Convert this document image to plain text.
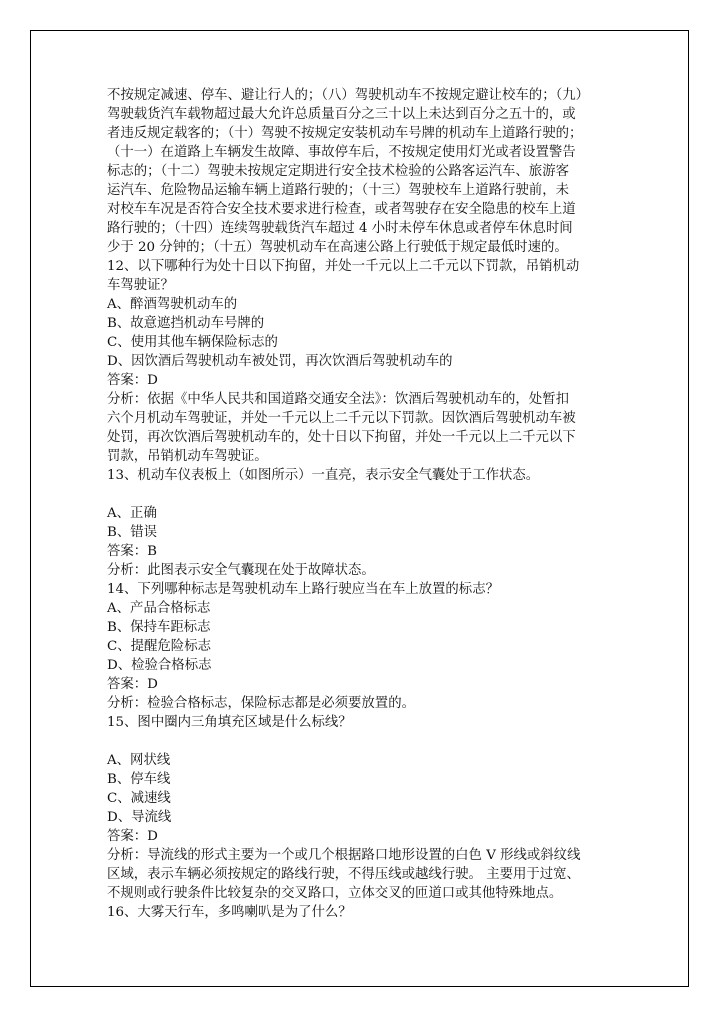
不按规定减速、停车、避让行人的；（八）驾驶机动车不按规定避让校车的；（九）
驾驶载货汽车载物超过最大允许总质量百分之三十以上未达到百分之五十的，或
者违反规定载客的；（十）驾驶不按规定安装机动车号牌的机动车上道路行驶的；
（十一）在道路上车辆发生故障、事故停车后，不按规定使用灯光或者设置警告
标志的；（十二）驾驶未按规定定期进行安全技术检验的公路客运汽车、旅游客
运汽车、危险物品运输车辆上道路行驶的；（十三）驾驶校车上道路行驶前，未
对校车车况是否符合安全技术要求进行检查，或者驾驶存在安全隐患的校车上道
路行驶的；（十四）连续驾驶载货汽车超过 4 小时未停车休息或者停车休息时间
少于 20 分钟的；（十五）驾驶机动车在高速公路上行驶低于规定最低时速的。
12、以下哪种行为处十日以下拘留，并处一千元以上二千元以下罚款，吊销机动
车驾驶证？
A、醉酒驾驶机动车的
B、故意遮挡机动车号牌的
C、使用其他车辆保险标志的
D、因饮酒后驾驶机动车被处罚，再次饮酒后驾驶机动车的
答案：D
分析：依据《中华人民共和国道路交通安全法》：饮酒后驾驶机动车的，处暂扣
六个月机动车驾驶证，并处一千元以上二千元以下罚款。因饮酒后驾驶机动车被
处罚，再次饮酒后驾驶机动车的，处十日以下拘留，并处一千元以上二千元以下
罚款，吊销机动车驾驶证。
13、机动车仪表板上（如图所示）一直亮，表示安全气囊处于工作状态。
A、正确
B、错误
答案：B
分析：此图表示安全气囊现在处于故障状态。
14、下列哪种标志是驾驶机动车上路行驶应当在车上放置的标志？
A、产品合格标志
B、保持车距标志
C、提醒危险标志
D、检验合格标志
答案：D
分析：检验合格标志，保险标志都是必须要放置的。
15、图中圈内三角填充区域是什么标线？
A、网状线
B、停车线
C、减速线
D、导流线
答案：D
分析：导流线的形式主要为一个或几个根据路口地形设置的白色 V 形线或斜纹线
区域，表示车辆必须按规定的路线行驶，不得压线或越线行驶。 主要用于过宽、
不规则或行驶条件比较复杂的交叉路口，立体交叉的匝道口或其他特殊地点。
16、大雾天行车，多鸣喇叭是为了什么？
